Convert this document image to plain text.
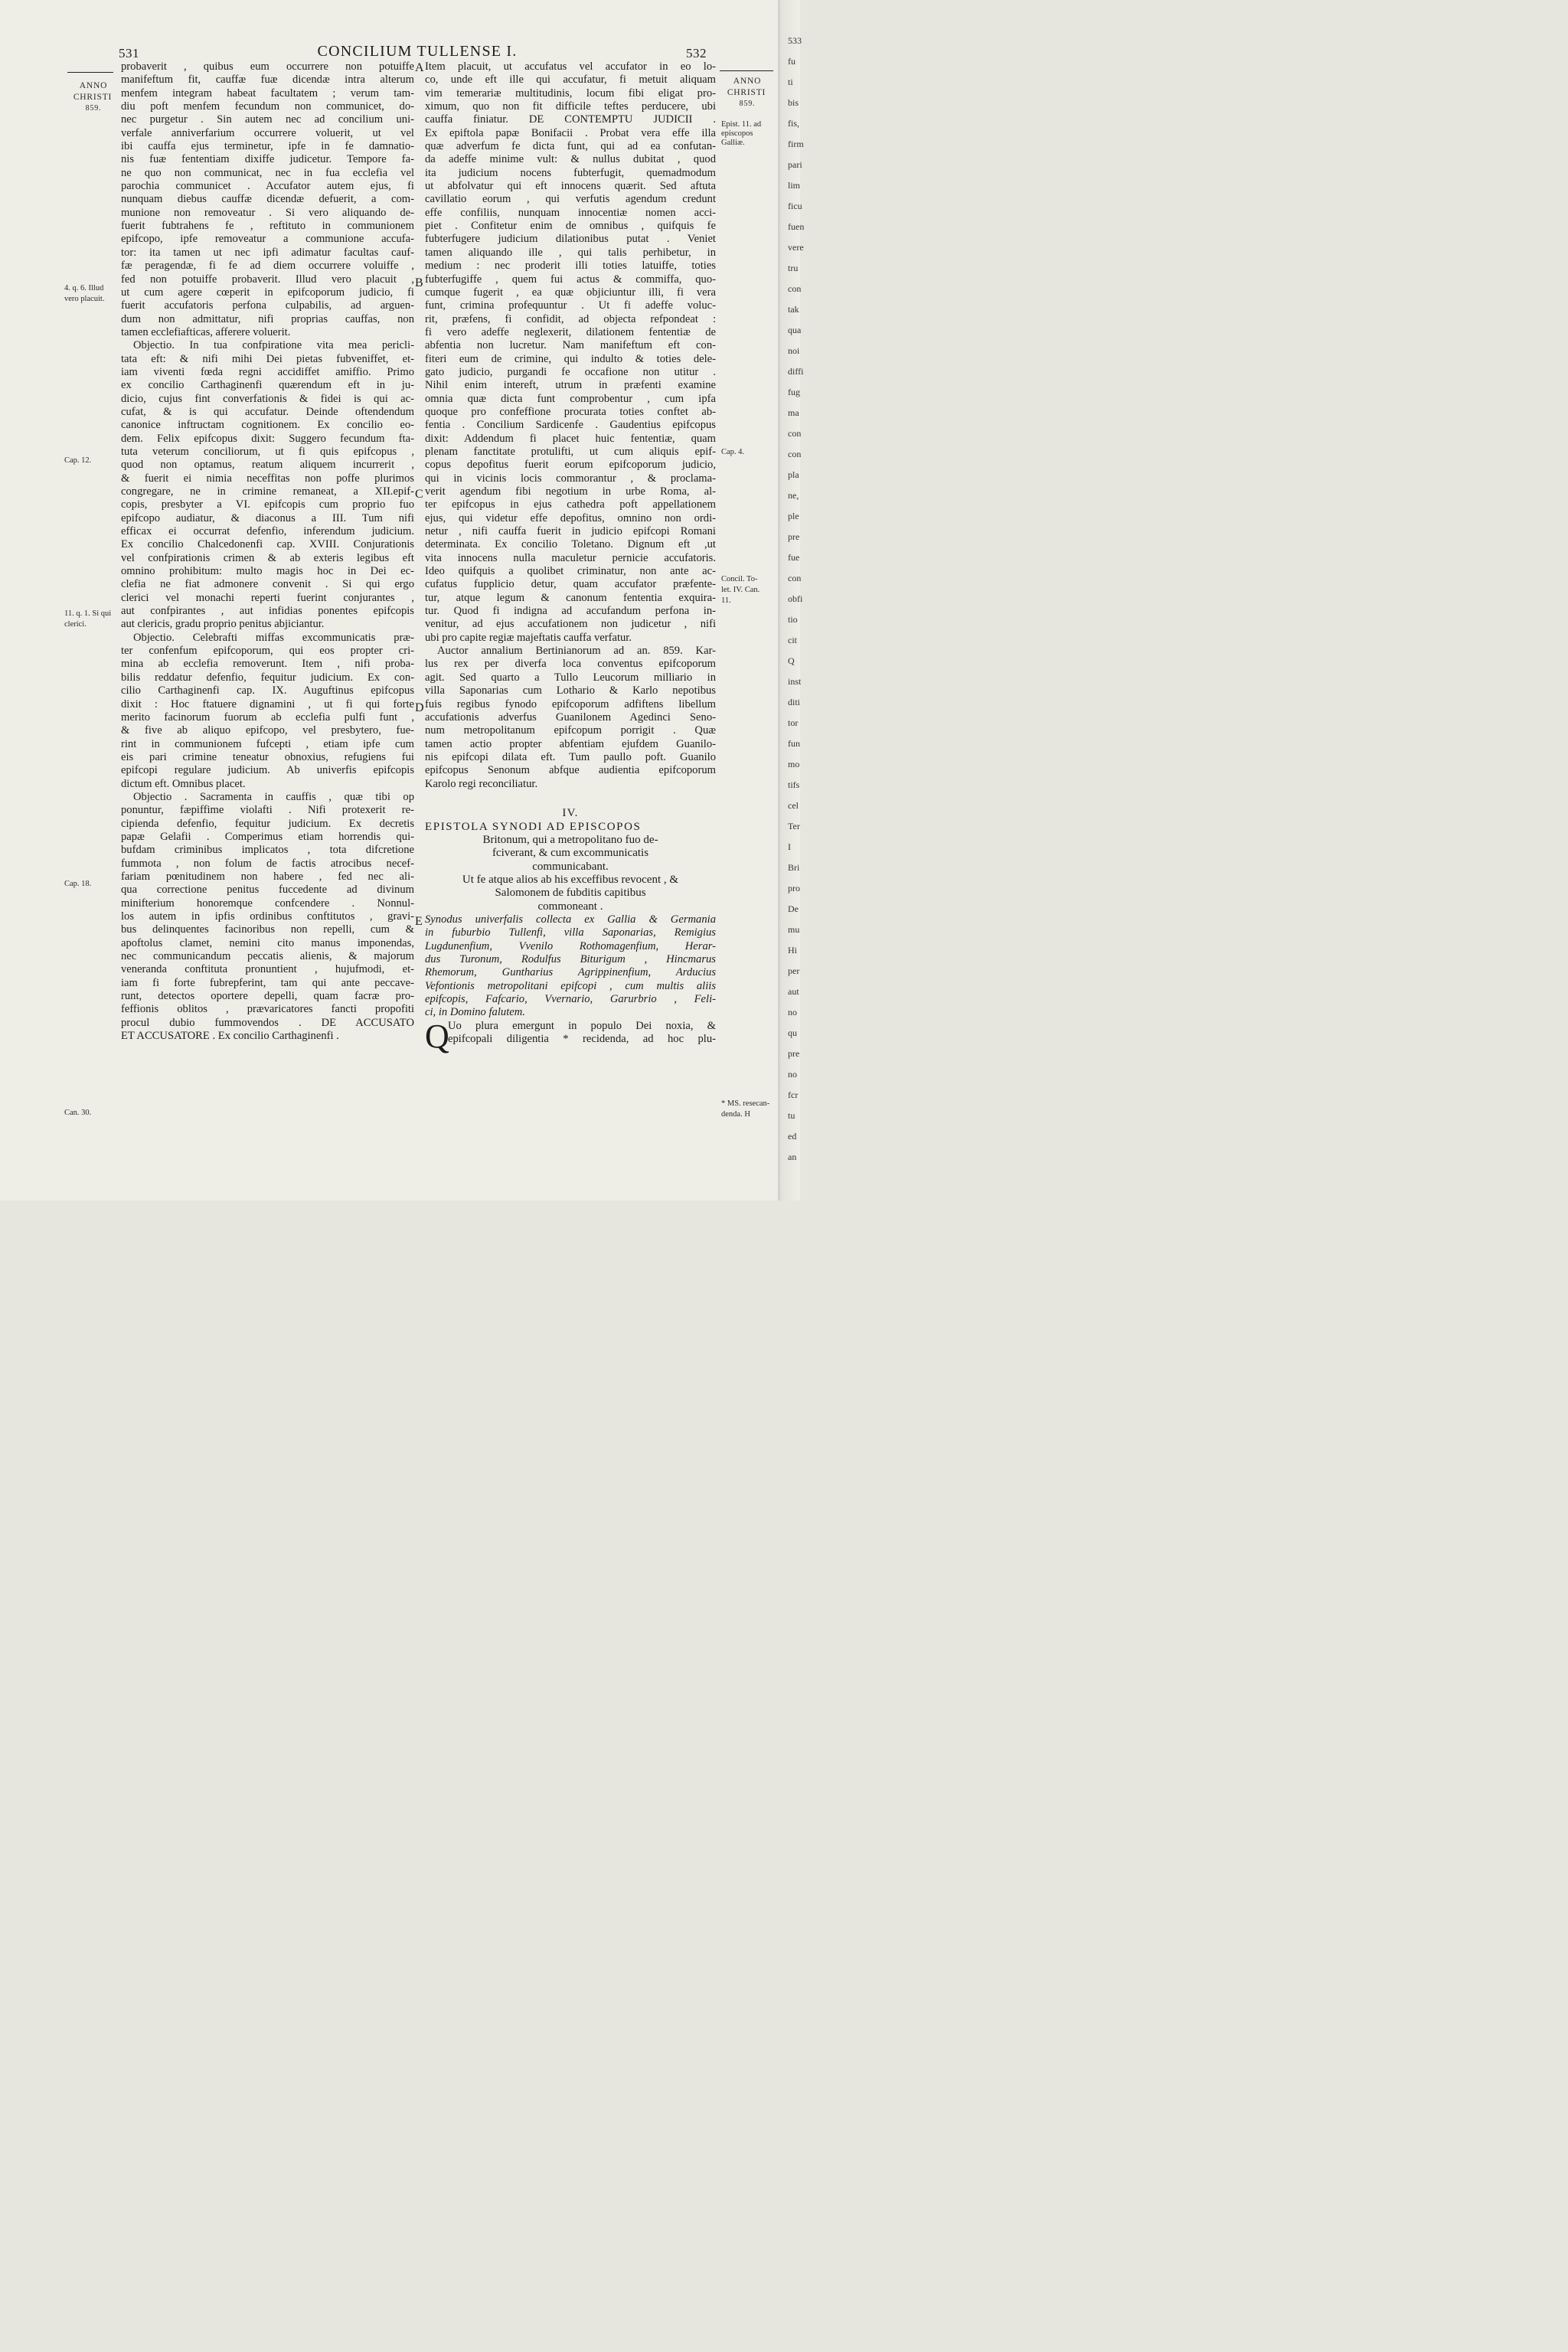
531	CONCILIUM TULLENSE I.	532
ANNO
CHRISTI
859.
ANNO
CHRISTI
859.
4. q. 6. Illud
vero placuit.
Cap. 12.
11. q. 1. Si qui
clerici.
Cap. 18.
Can. 30.
Epist. 11. ad
episcopos
Galliæ.
Cap. 4.
Concil. To-
let. IV. Can.
11.
* MS. resecan-
denda. H
A
B
C
D
E
probaverit , quibus eum occurrere non potuiffe
manifeftum fit, cauffæ fuæ dicendæ intra alterum
menfem integram habeat facultatem ; verum tam-
diu poft menfem fecundum non communicet, do-
nec purgetur . Sin autem nec ad concilium uni-
verfale anniverfarium occurrere voluerit, ut vel
ibi cauffa ejus terminetur, ipfe in fe damnatio-
nis fuæ fententiam dixiffe judicetur. Tempore fa-
ne quo non communicat, nec in fua ecclefia vel
parochia communicet . Accufator autem ejus, fi
nunquam diebus cauffæ dicendæ defuerit, a com-
munione non removeatur . Si vero aliquando de-
fuerit fubtrahens fe , reftituto in communionem
epifcopo, ipfe removeatur a communione accufa-
tor: ita tamen ut nec ipfi adimatur facultas cauf-
fæ peragendæ, fi fe ad diem occurrere voluiffe ,
fed non potuiffe probaverit. Illud vero placuit ,
ut cum agere cœperit in epifcoporum judicio, fi
fuerit accufatoris perfona culpabilis, ad arguen-
dum non admittatur, nifi proprias cauffas, non
tamen ecclefiafticas, afferere voluerit.
Objectio. In tua confpiratione vita mea pericli-
tata eft: & nifi mihi Dei pietas fubveniffet, et-
iam viventi fœda regni accidiffet amiffio. Primo
ex concilio Carthaginenfi quærendum eft in ju-
dicio, cujus fint converfationis & fidei is qui ac-
cufat, & is qui accufatur. Deinde oftendendum
canonice inftructam cognitionem. Ex concilio eo-
dem. Felix epifcopus dixit: Suggero fecundum fta-
tuta veterum conciliorum, ut fi quis epifcopus ,
quod non optamus, reatum aliquem incurrerit ,
& fuerit ei nimia neceffitas non poffe plurimos
congregare, ne in crimine remaneat, a XII.epif-
copis, presbyter a VI. epifcopis cum proprio fuo
epifcopo audiatur, & diaconus a III. Tum nifi
efficax ei occurrat defenfio, inferendum judicium.
Ex concilio Chalcedonenfi cap. XVIII. Conjurationis
vel confpirationis crimen & ab exteris legibus eft
omnino prohibitum: multo magis hoc in Dei ec-
clefia ne fiat admonere convenit . Si qui ergo
clerici vel monachi reperti fuerint conjurantes ,
aut confpirantes , aut infidias ponentes epifcopis
aut clericis, gradu proprio penitus abjiciantur.
Objectio. Celebrafti miffas excommunicatis præ-
ter confenfum epifcoporum, qui eos propter cri-
mina ab ecclefia removerunt. Item , nifi proba-
bilis reddatur defenfio, fequitur judicium. Ex con-
cilio Carthaginenfi cap. IX. Auguftinus epifcopus
dixit : Hoc ftatuere dignamini , ut fi qui forte
merito facinorum fuorum ab ecclefia pulfi funt ,
& five ab aliquo epifcopo, vel presbytero, fue-
rint in communionem fufcepti , etiam ipfe cum
eis pari crimine teneatur obnoxius, refugiens fui
epifcopi regulare judicium. Ab univerfis epifcopis
dictum eft. Omnibus placet.
Objectio . Sacramenta in cauffis , quæ tibi op
ponuntur, fæpiffime violafti . Nifi protexerit re-
cipienda defenfio, fequitur judicium. Ex decretis
papæ Gelafii . Comperimus etiam horrendis qui-
bufdam criminibus implicatos , tota difcretione
fummota , non folum de factis atrocibus necef-
fariam pœnitudinem non habere , fed nec ali-
qua correctione penitus fuccedente ad divinum
minifterium honoremque confcendere . Nonnul-
los autem in ipfis ordinibus conftitutos , gravi-
bus delinquentes facinoribus non repelli, cum &
apoftolus clamet, nemini cito manus imponendas,
nec communicandum peccatis alienis, & majorum
veneranda conftituta pronuntient , hujufmodi, et-
iam fi forte fubrepferint, tam qui ante peccave-
runt, detectos oportere depelli, quam facræ pro-
feffionis oblitos , prævaricatores fancti propofiti
procul dubio fummovendos . DE ACCUSATO
ET ACCUSATORE . Ex concilio Carthaginenfi .
Item placuit, ut accufatus vel accufator in eo lo-
co, unde eft ille qui accufatur, fi metuit aliquam
vim temerariæ multitudinis, locum fibi eligat pro-
ximum, quo non fit difficile teftes perducere, ubi
cauffa finiatur. DE CONTEMPTU JUDICII .
Ex epiftola papæ Bonifacii . Probat vera effe illa
quæ adverfum fe dicta funt, qui ad ea confutan-
da adeffe minime vult: & nullus dubitat , quod
ita judicium nocens fubterfugit, quemadmodum
ut abfolvatur qui eft innocens quærit. Sed aftuta
cavillatio eorum , qui verfutis agendum credunt
effe confiliis, nunquam innocentiæ nomen acci-
piet . Confitetur enim de omnibus , quifquis fe
fubterfugere judicium dilationibus putat . Veniet
tamen aliquando ille , qui talis perhibetur, in
medium : nec proderit illi toties latuiffe, toties
fubterfugiffe , quem fui actus & commiffa, quo-
cumque fugerit , ea quæ objiciuntur illi, fi vera
funt, crimina profequuntur . Ut fi adeffe voluc-
rit, præfens, fi confidit, ad objecta refpondeat :
fi vero adeffe neglexerit, dilationem fententiæ de
abfentia non lucretur. Nam manifeftum eft con-
fiteri eum de crimine, qui indulto & toties dele-
gato judicio, purgandi fe occafione non utitur .
Nihil enim intereft, utrum in præfenti examine
omnia quæ dicta funt comprobentur , cum ipfa
quoque pro confeffione procurata toties conftet ab-
fentia . Concilium Sardicenfe . Gaudentius epifcopus
dixit: Addendum fi placet huic fententiæ, quam
plenam fanctitate protulifti, ut cum aliquis epif-
copus depofitus fuerit eorum epifcoporum judicio,
qui in vicinis locis commorantur , & proclama-
verit agendum fibi negotium in urbe Roma, al-
ter epifcopus in ejus cathedra poft appellationem
ejus, qui videtur effe depofitus, omnino non ordi-
netur , nifi cauffa fuerit in judicio epifcopi Romani
determinata. Ex concilio Toletano. Dignum eft ,ut
vita innocens nulla maculetur pernicie accufatoris.
Ideo quifquis a quolibet criminatur, non ante ac-
cufatus fupplicio detur, quam accufator præfente-
tur, atque legum & canonum fententia exquira-
tur. Quod fi indigna ad accufandum perfona in-
venitur, ad ejus accufationem non judicetur , nifi
ubi pro capite regiæ majeftatis cauffa verfatur.
Auctor annalium Bertinianorum ad an. 859. Kar-
lus rex per diverfa loca conventus epifcoporum
agit. Sed quarto a Tullo Leucorum milliario in
villa Saponarias cum Lothario & Karlo nepotibus
fuis regibus fynodo epifcoporum adfiftens libellum
accufationis adverfus Guanilonem Agedinci Seno-
num metropolitanum epifcopum porrigit . Quæ
tamen actio propter abfentiam ejufdem Guanilo-
nis epifcopi dilata eft. Tum paullo poft. Guanilo
epifcopus Senonum abfque audientia epifcoporum
Karolo regi reconciliatur.
IV.
EPISTOLA SYNODI AD EPISCOPOS
Britonum, qui a metropolitano fuo de-
fciverant, & cum excommunicatis
communicabant.
Ut fe atque alios ab his exceffibus revocent , &
Salomonem de fubditis capitibus
commoneant .
Synodus univerfalis collecta ex Gallia & Germania
in fuburbio Tullenfi, villa Saponarias, Remigius
Lugdunenfium, Vvenilo Rothomagenfium, Herar-
dus Turonum, Rodulfus Biturigum , Hincmarus
Rhemorum, Guntharius Agrippinenfium, Arducius
Vefontionis metropolitani epifcopi , cum multis aliis
epifcopis, Fafcario, Vvernario, Garurbrio , Feli-
ci, in Domino falutem.
Q
Uo plura emergunt in populo Dei noxia, &
epifcopali diligentia * recidenda, ad hoc plu-
533
fu
ti
bis
fis,
firm
pari
lim
ficu
fuen
vere
tru
con
tak
qua
noi
diffi
fug
ma
con
con
pla
ne,
ple
pre
fue
con
obfi
tio
cit
Q
inst
diti
tor
fun
mo
tifs
cel
Ter
I
Bri
pro
De
mu
Hi
per
aut
no
qu
pre
no
fcr
tu
ed
an
